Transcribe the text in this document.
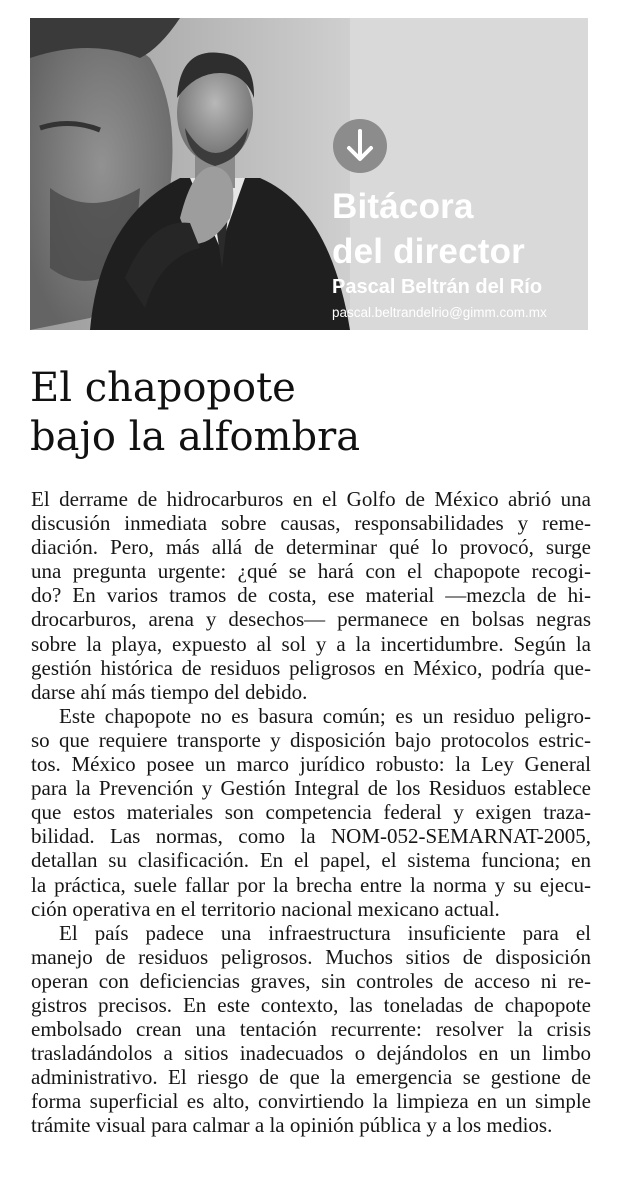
Bitácora
del director
Pascal Beltrán del Río
pascal.beltrandelrio@gimm.com.mx
El chapopote
bajo la alfombra
El derrame de hidrocarburos en el Golfo de México abrió una
discusión inmediata sobre causas, responsabilidades y reme-
diación. Pero, más allá de determinar qué lo provocó, surge
una pregunta urgente: ¿qué se hará con el chapopote recogi-
do? En varios tramos de costa, ese material —mezcla de hi-
drocarburos, arena y desechos— permanece en bolsas negras
sobre la playa, expuesto al sol y a la incertidumbre. Según la
gestión histórica de residuos peligrosos en México, podría que-
darse ahí más tiempo del debido.
Este chapopote no es basura común; es un residuo peligro-
so que requiere transporte y disposición bajo protocolos estric-
tos. México posee un marco jurídico robusto: la Ley General
para la Prevención y Gestión Integral de los Residuos establece
que estos materiales son competencia federal y exigen traza-
bilidad. Las normas, como la NOM-052-SEMARNAT-2005,
detallan su clasificación. En el papel, el sistema funciona; en
la práctica, suele fallar por la brecha entre la norma y su ejecu-
ción operativa en el territorio nacional mexicano actual.
El país padece una infraestructura insuficiente para el
manejo de residuos peligrosos. Muchos sitios de disposición
operan con deficiencias graves, sin controles de acceso ni re-
gistros precisos. En este contexto, las toneladas de chapopote
embolsado crean una tentación recurrente: resolver la crisis
trasladándolos a sitios inadecuados o dejándolos en un limbo
administrativo. El riesgo de que la emergencia se gestione de
forma superficial es alto, convirtiendo la limpieza en un simple
trámite visual para calmar a la opinión pública y a los medios.
